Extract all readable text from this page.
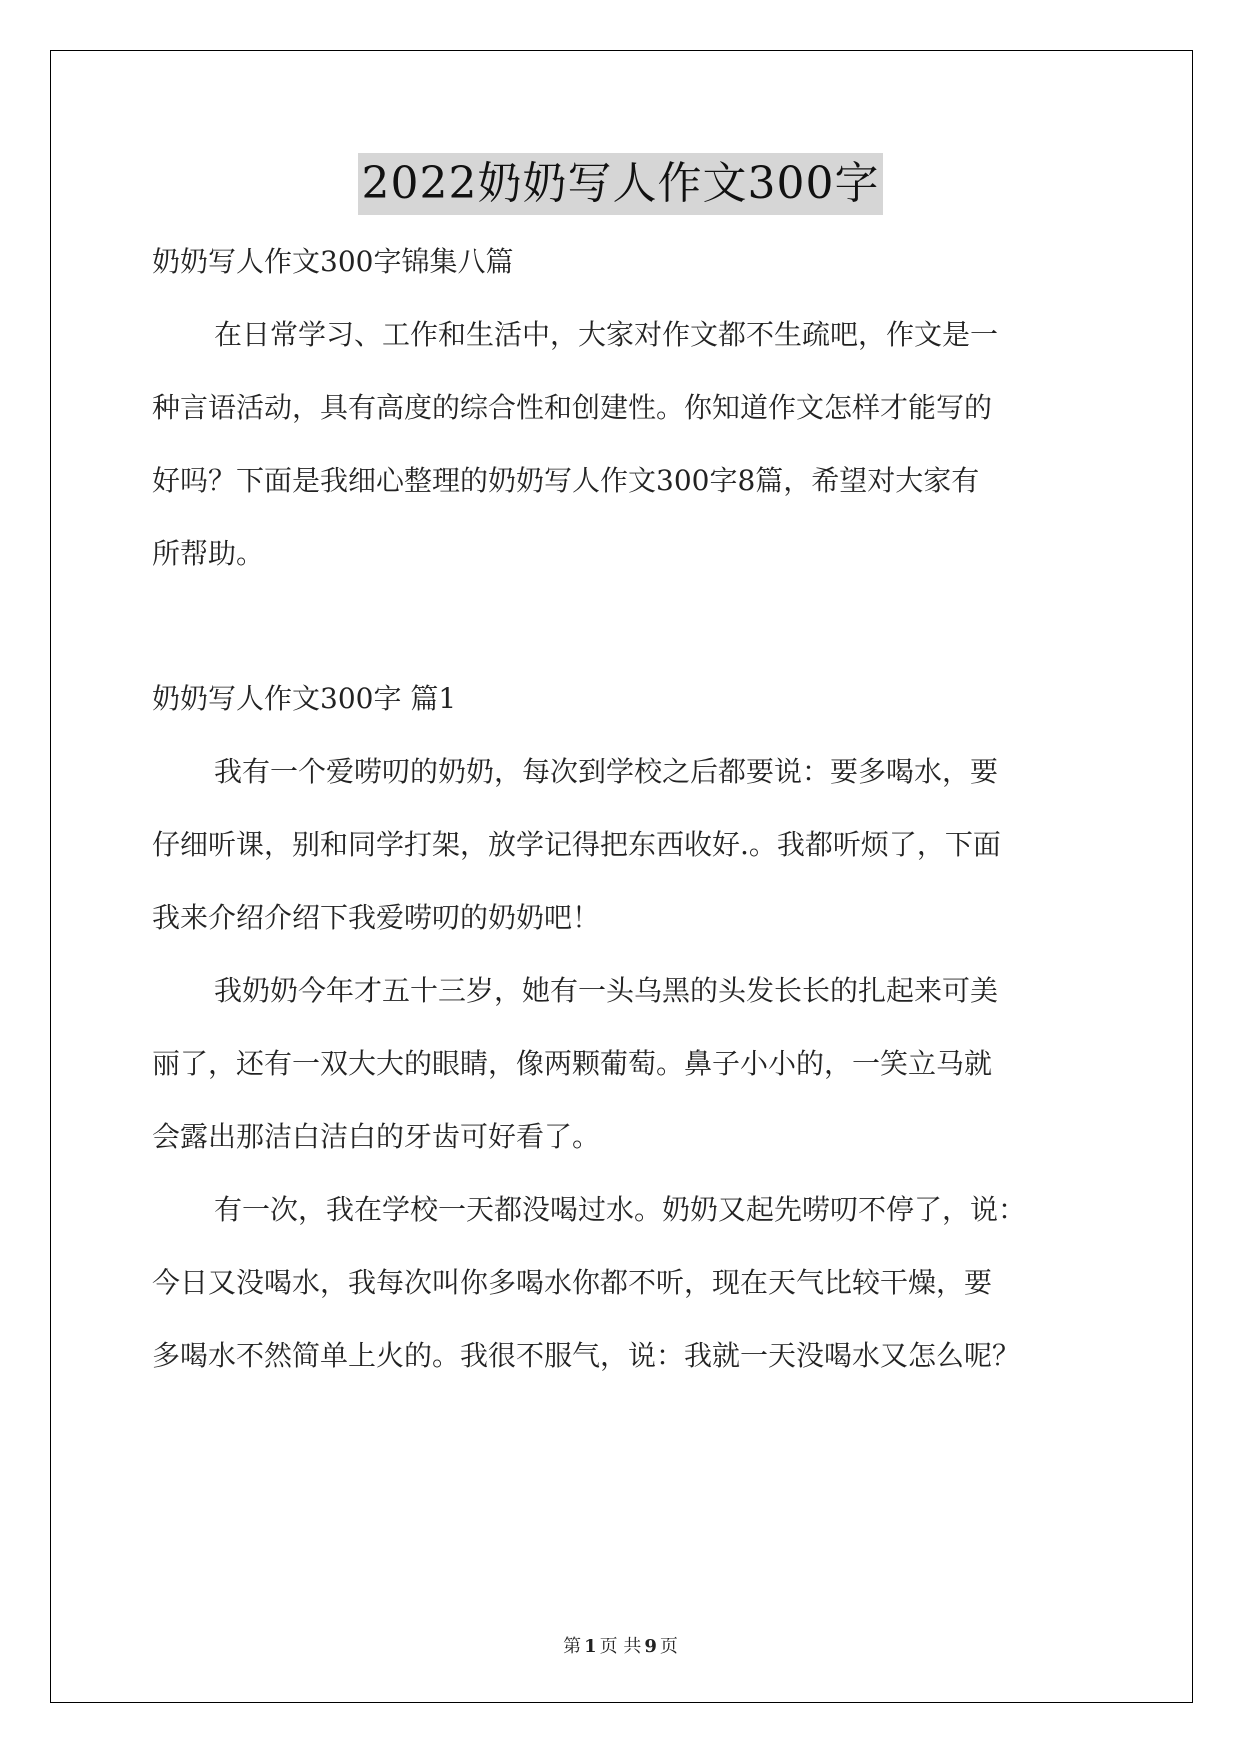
2022奶奶写人作文300字
奶奶写人作文300字锦集八篇
在日常学习、工作和生活中，大家对作文都不生疏吧，作文是一
种言语活动，具有高度的综合性和创建性。你知道作文怎样才能写的
好吗？下面是我细心整理的奶奶写人作文300字8篇，希望对大家有
所帮助。
奶奶写人作文300字 篇1
我有一个爱唠叨的奶奶，每次到学校之后都要说：要多喝水，要
仔细听课，别和同学打架，放学记得把东西收好.。我都听烦了，下面
我来介绍介绍下我爱唠叨的奶奶吧！
我奶奶今年才五十三岁，她有一头乌黑的头发长长的扎起来可美
丽了，还有一双大大的眼睛，像两颗葡萄。鼻子小小的，一笑立马就
会露出那洁白洁白的牙齿可好看了。
有一次，我在学校一天都没喝过水。奶奶又起先唠叨不停了，说：
今日又没喝水，我每次叫你多喝水你都不听，现在天气比较干燥，要
多喝水不然简单上火的。我很不服气，说：我就一天没喝水又怎么呢？
第 1 页 共 9 页
